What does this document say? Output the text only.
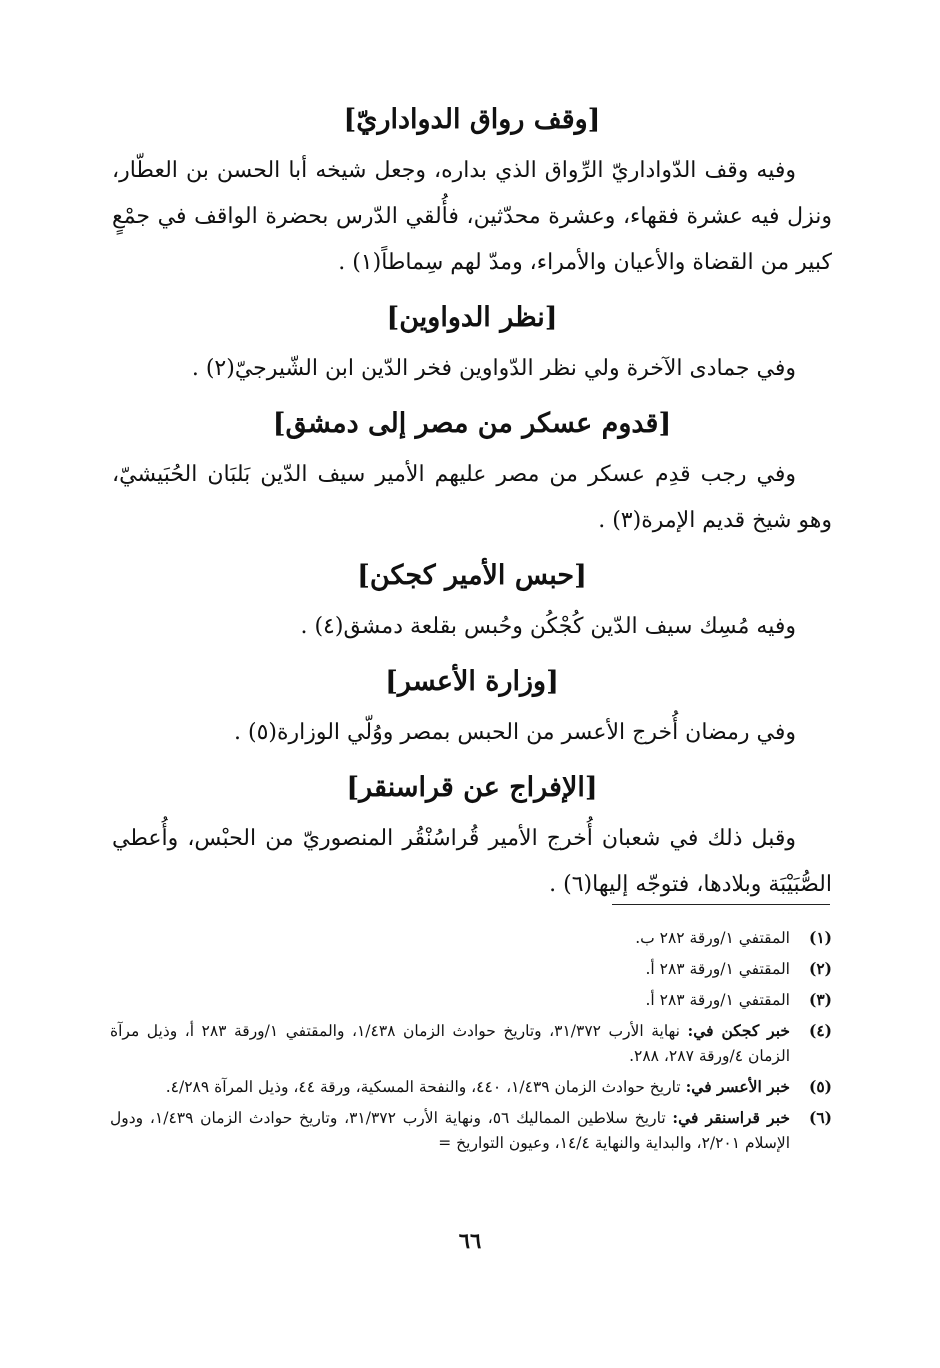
[وقف رواق الدواداريّ]

وفيه وقف الدّواداريّ الرِّواق الذي بداره، وجعل شيخه أبا الحسن بن العطّار، ونزل فيه عشرة فقهاء، وعشرة محدّثين، فأُلقي الدّرس بحضرة الواقف في جمْعٍ كبير من القضاة والأعيان والأمراء، ومدّ لهم سِماطاً(١) .

[نظر الدواوين]

وفي جمادى الآخرة ولي نظر الدّواوين فخر الدّين ابن الشّيرجيّ(٢) .

[قدوم عسكر من مصر إلى دمشق]

وفي رجب قدِم عسكر من مصر عليهم الأمير سيف الدّين بَلبَان الحُبَيشيّ، وهو شيخ قديم الإمرة(٣) .

[حبس الأمير كجكن]

وفيه مُسِك سيف الدّين كُجْكُن وحُبس بقلعة دمشق(٤) .

[وزارة الأعسر]

وفي رمضان أُخرج الأعسر من الحبس بمصر ووُلّي الوزارة(٥) .

[الإفراج عن قراسنقر]

وقبل ذلك في شعبان أُخرج الأمير قُراسُنْقُر المنصوريّ من الحبْس، وأُعطي الصُّبَيْبَة وبلادها، فتوجّه إليها(٦) .

(١)
المقتفي ١/ورقة ٢٨٢ ب.
(٢)
المقتفي ١/ورقة ٢٨٣ أ.
(٣)
المقتفي ١/ورقة ٢٨٣ أ.
(٤)
خبر كجكن في: نهاية الأرب ٣١/٣٧٢، وتاريخ حوادث الزمان ١/٤٣٨، والمقتفي ١/ورقة ٢٨٣ أ، وذيل مرآة الزمان ٤/ورقة ٢٨٧، ٢٨٨.
(٥)
خبر الأعسر في: تاريخ حوادث الزمان ١/٤٣٩، ٤٤٠، والنفحة المسكية، ورقة ٤٤، وذيل المرآة ٤/٢٨٩.
(٦)
خبر قراسنقر في: تاريخ سلاطين المماليك ٥٦، ونهاية الأرب ٣١/٣٧٢، وتاريخ حوادث الزمان ١/٤٣٩، ودول الإسلام ٢/٢٠١، والبداية والنهاية ١٤/٤، وعيون التواريخ =
٦٦
